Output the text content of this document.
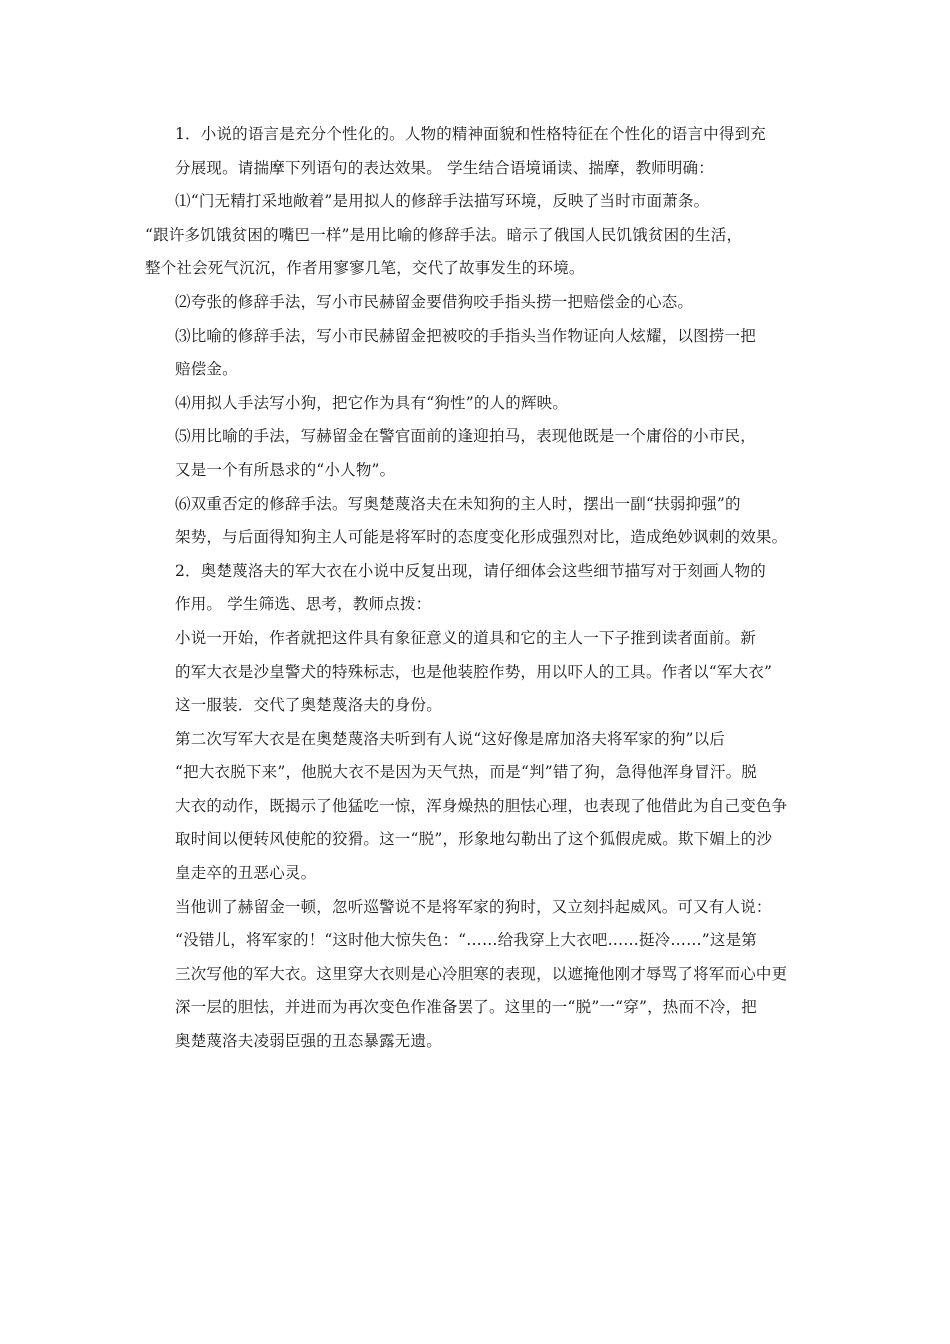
1．小说的语言是充分个性化的。人物的精神面貌和性格特征在个性化的语言中得到充
分展现。请揣摩下列语句的表达效果。 学生结合语境诵读、揣摩，教师明确：

⑴“门无精打采地敞着”是用拟人的修辞手法描写环境，反映了当时市面萧条。

“跟许多饥饿贫困的嘴巴一样”是用比喻的修辞手法。暗示了俄国人民饥饿贫困的生活，
整个社会死气沉沉，作者用寥寥几笔，交代了故事发生的环境。

⑵夸张的修辞手法，写小市民赫留金要借狗咬手指头捞一把赔偿金的心态。

⑶比喻的修辞手法，写小市民赫留金把被咬的手指头当作物证向人炫耀，以图捞一把
赔偿金。

⑷用拟人手法写小狗，把它作为具有“狗性”的人的辉映。

⑸用比喻的手法，写赫留金在警官面前的逢迎拍马，表现他既是一个庸俗的小市民，
又是一个有所恳求的“小人物”。

⑹双重否定的修辞手法。写奥楚蔑洛夫在未知狗的主人时，摆出一副“扶弱抑强”的
架势，与后面得知狗主人可能是将军时的态度变化形成强烈对比，造成绝妙讽刺的效果。

2．奥楚蔑洛夫的军大衣在小说中反复出现，请仔细体会这些细节描写对于刻画人物的
作用。 学生筛选、思考，教师点拨：

小说一开始，作者就把这件具有象征意义的道具和它的主人一下子推到读者面前。新
的军大衣是沙皇警犬的特殊标志，也是他装腔作势，用以吓人的工具。作者以“军大衣”
这一服装．交代了奥楚蔑洛夫的身份。

第二次写军大衣是在奥楚蔑洛夫听到有人说“这好像是席加洛夫将军家的狗”以后
“把大衣脱下来”，他脱大衣不是因为天气热，而是“判”错了狗，急得他浑身冒汗。脱
大衣的动作，既揭示了他猛吃一惊，浑身燥热的胆怯心理，也表现了他借此为自己变色争
取时间以便转风使舵的狡猾。这一“脱”，形象地勾勒出了这个狐假虎威。欺下媚上的沙
皇走卒的丑恶心灵。

当他训了赫留金一顿，忽听巡警说不是将军家的狗时，又立刻抖起威风。可又有人说：
“没错儿，将军家的！“这时他大惊失色：“……给我穿上大衣吧……挺冷……”这是第
三次写他的军大衣。这里穿大衣则是心冷胆寒的表现，以遮掩他刚才辱骂了将军而心中更
深一层的胆怯，并进而为再次变色作准备罢了。这里的一“脱”一“穿”，热而不冷，把
奥楚蔑洛夫凌弱臣强的丑态暴露无遗。
